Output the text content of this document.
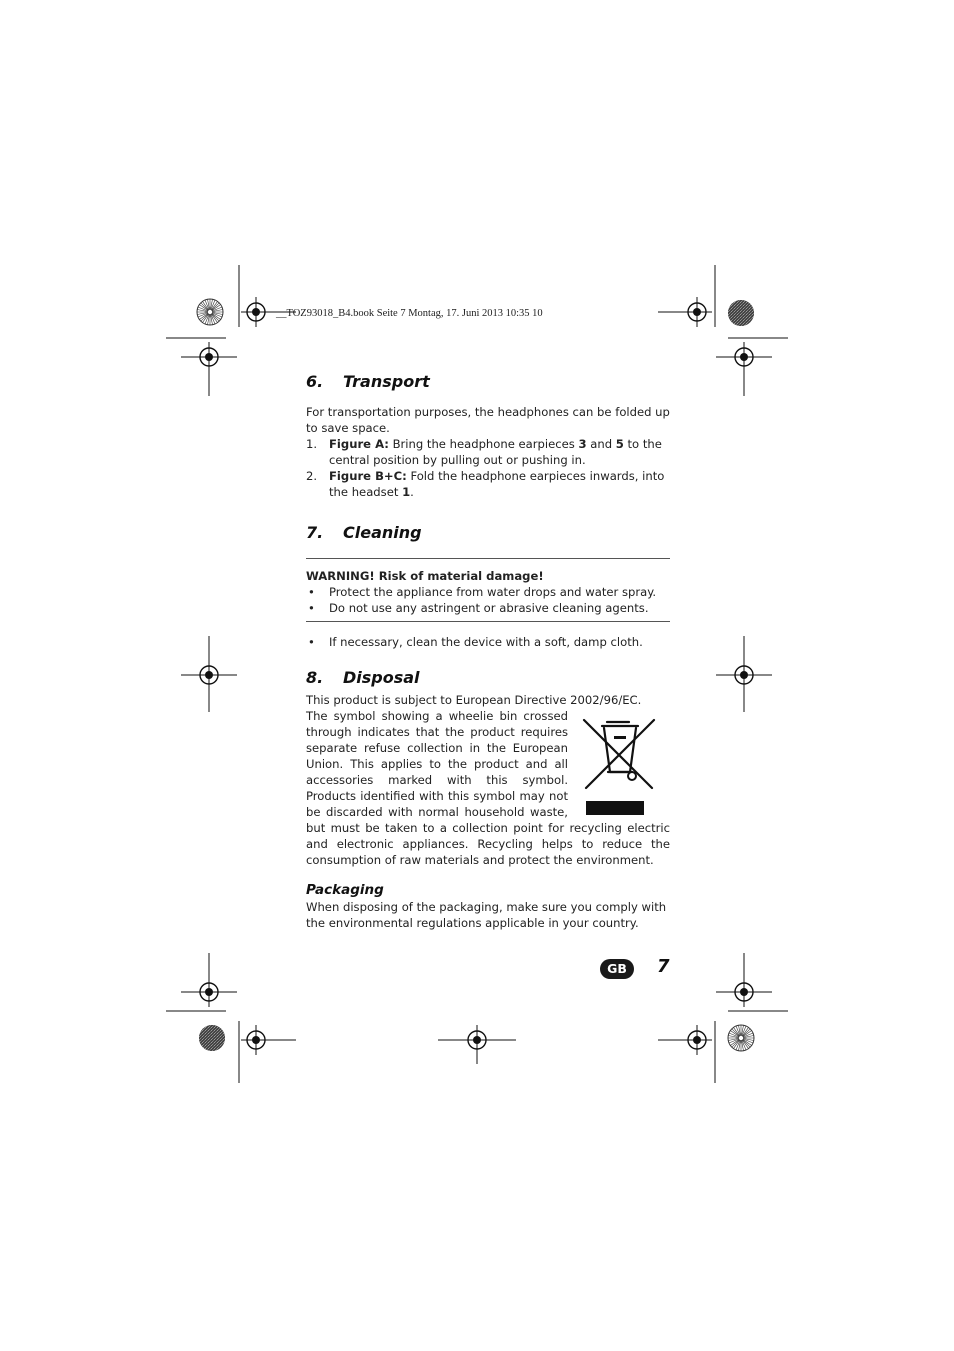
__TOZ93018_B4.book Seite 7 Montag, 17. Juni 2013 10:35 10
6. Transport

For transportation purposes, the headphones can be folded up to save space.

1. Figure A: Bring the headphone earpieces 3 and 5 to the central position by pulling out or pushing in.
2. Figure B+C: Fold the headphone earpieces inwards, into the headset 1.
7. Cleaning
WARNING! Risk of material damage!
• Protect the appliance from water drops and water spray.
• Do not use any astringent or abrasive cleaning agents.
• If necessary, clean the device with a soft, damp cloth.
8. Disposal

This product is subject to European Directive 2002/96/EC.

The symbol showing a wheelie bin crossed through indicates that the product requires separate refuse collection in the European Union. This applies to the product and all accessories marked with this symbol. Products identified with this symbol may not be discarded with normal household waste, but must be taken to a collection point for recycling electric and electronic appliances. Recycling helps to reduce the consumption of raw materials and protect the environment.

Packaging

When disposing of the packaging, make sure you comply with the environmental regulations applicable in your country.

GB	7
